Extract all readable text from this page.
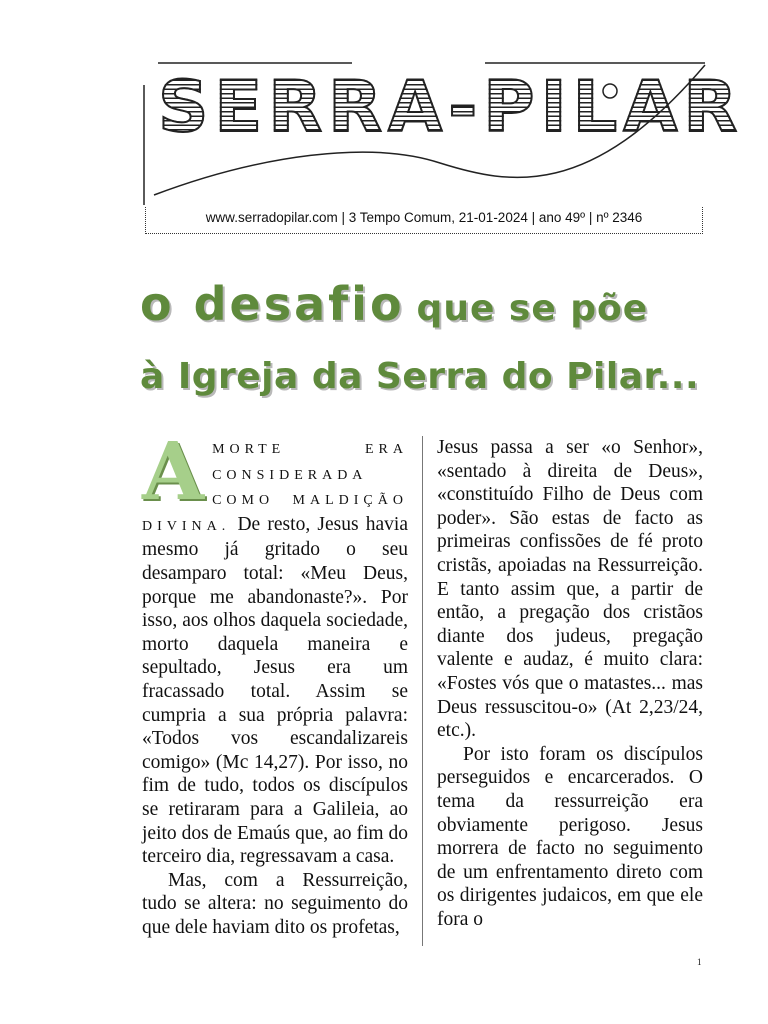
SERRA-PILAR
www.serradopilar.com | 3 Tempo Comum, 21-01-2024 | ano 49º | nº 2346
o desafio que se põe
à Igreja da Serra do Pilar...

A MORTE ERA CONSIDERADA COMO MALDIÇÃO DIVINA. De resto, Jesus havia mesmo já gritado o seu desamparo total: «Meu Deus, porque me abandonaste?». Por isso, aos olhos daquela sociedade, morto daquela maneira e sepultado, Jesus era um fracassado total. Assim se cumpria a sua própria palavra: «Todos vos escandalizareis comigo» (Mc 14,27). Por isso, no fim de tudo, todos os discípulos se retiraram para a Galileia, ao jeito dos de Emaús que, ao fim do terceiro dia, regressavam a casa.

Mas, com a Ressurreição, tudo se altera: no seguimento do que dele haviam dito os profetas,

Jesus passa a ser «o Senhor», «sentado à direita de Deus», «constituído Filho de Deus com poder». São estas de facto as primeiras confissões de fé proto cristãs, apoiadas na Ressurreição. E tanto assim que, a partir de então, a pregação dos cristãos diante dos judeus, pregação valente e audaz, é muito clara: «Fostes vós que o matastes... mas Deus ressuscitou-o» (At 2,23/24, etc.).

Por isto foram os discípulos perseguidos e encarcerados. O tema da ressurreição era obviamente perigoso. Jesus morrera de facto no seguimento de um enfrentamento direto com os dirigentes judaicos, em que ele fora o

1
